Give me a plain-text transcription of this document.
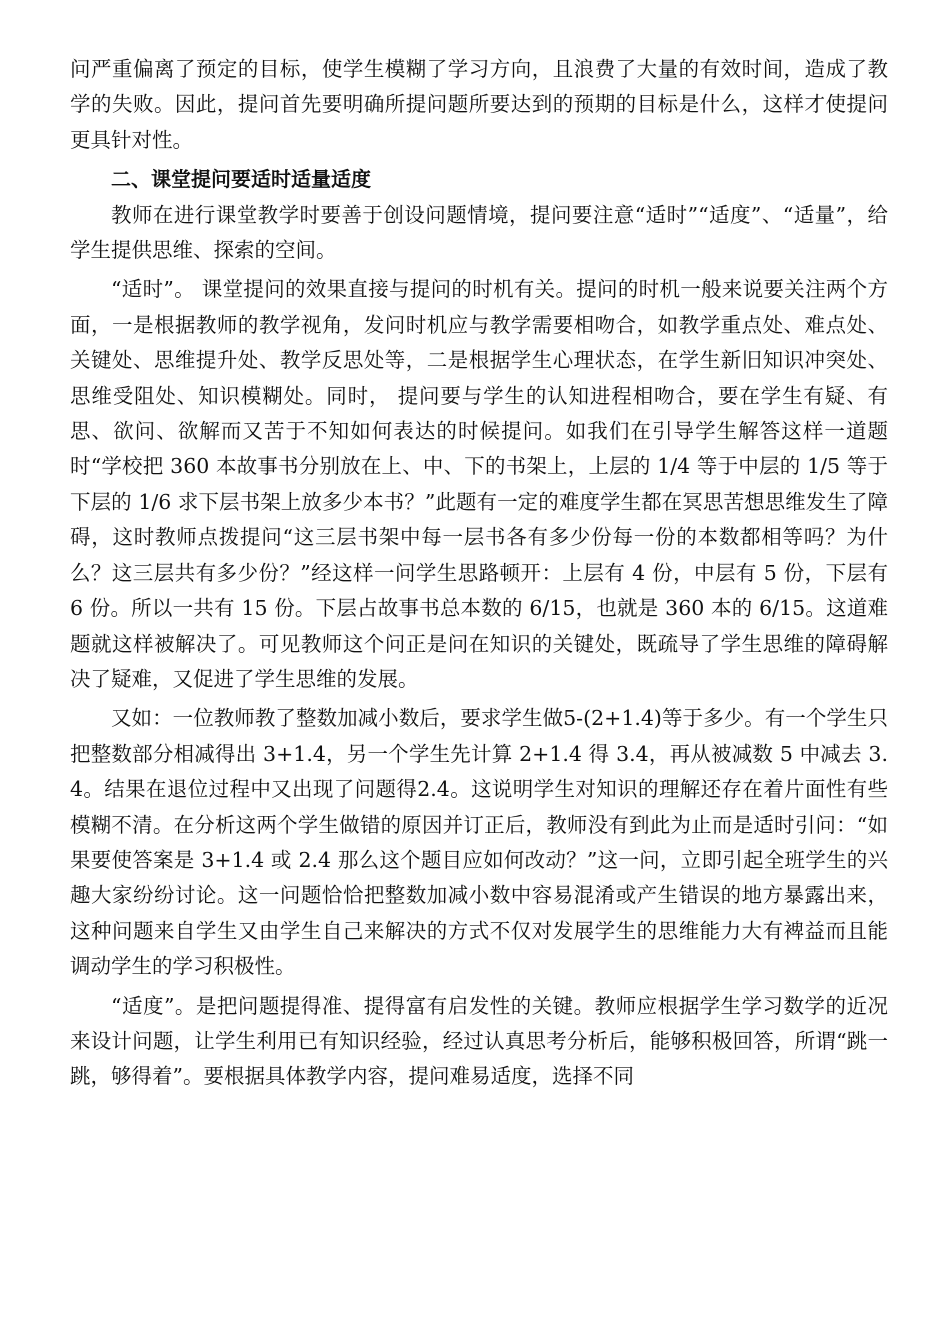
问严重偏离了预定的目标，使学生模糊了学习方向，且浪费了大量的有效时间，造成了教学的失败。因此，提问首先要明确所提问题所要达到的预期的目标是什么，这样才使提问更具针对性。

二、课堂提问要适时适量适度

教师在进行课堂教学时要善于创设问题情境，提问要注意“适时”“适度”、“适量”，给学生提供思维、探索的空间。

“适时”。 课堂提问的效果直接与提问的时机有关。提问的时机一般来说要关注两个方面，一是根据教师的教学视角，发问时机应与教学需要相吻合，如教学重点处、难点处、关键处、思维提升处、教学反思处等，二是根据学生心理状态，在学生新旧知识冲突处、思维受阻处、知识模糊处。同时， 提问要与学生的认知进程相吻合，要在学生有疑、有思、欲问、欲解而又苦于不知如何表达的时候提问。如我们在引导学生解答这样一道题时“学校把 360 本故事书分别放在上、中、下的书架上，上层的 1/4 等于中层的 1/5 等于下层的 1/6 求下层书架上放多少本书？”此题有一定的难度学生都在冥思苦想思维发生了障碍，这时教师点拨提问“这三层书架中每一层书各有多少份每一份的本数都相等吗？为什么？这三层共有多少份？”经这样一问学生思路顿开：上层有 4 份，中层有 5 份，下层有 6 份。所以一共有 15 份。下层占故事书总本数的 6/15，也就是 360 本的 6/15。这道难题就这样被解决了。可见教师这个问正是问在知识的关键处，既疏导了学生思维的障碍解决了疑难，又促进了学生思维的发展。

又如：一位教师教了整数加减小数后，要求学生做5-(2+1.4)等于多少。有一个学生只把整数部分相减得出 3+1.4，另一个学生先计算 2+1.4 得 3.4，再从被减数 5 中减去 3.4。结果在退位过程中又出现了问题得2.4。这说明学生对知识的理解还存在着片面性有些模糊不清。在分析这两个学生做错的原因并订正后，教师没有到此为止而是适时引问：“如果要使答案是 3+1.4 或 2.4 那么这个题目应如何改动？”这一问，立即引起全班学生的兴趣大家纷纷讨论。这一问题恰恰把整数加减小数中容易混淆或产生错误的地方暴露出来，这种问题来自学生又由学生自己来解决的方式不仅对发展学生的思维能力大有裨益而且能调动学生的学习积极性。

“适度”。是把问题提得准、提得富有启发性的关键。教师应根据学生学习数学的近况来设计问题，让学生利用已有知识经验，经过认真思考分析后，能够积极回答，所谓“跳一跳，够得着”。要根据具体教学内容，提问难易适度，选择不同
